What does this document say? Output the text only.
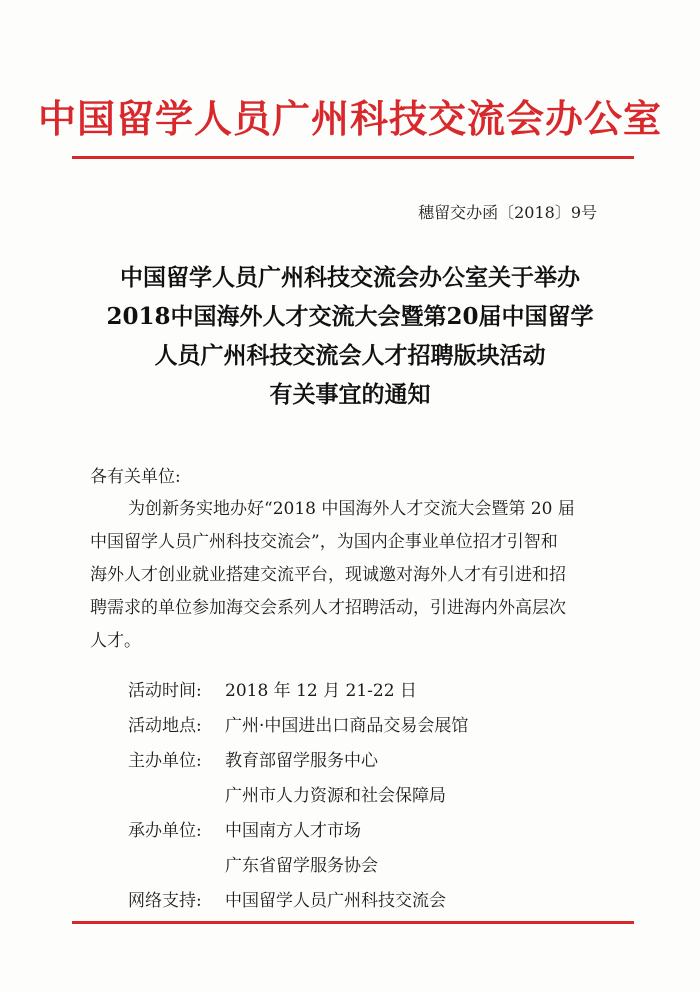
中国留学人员广州科技交流会办公室
穗留交办函〔2018〕9号
中国留学人员广州科技交流会办公室关于举办
2018中国海外人才交流大会暨第20届中国留学
人员广州科技交流会人才招聘版块活动
有关事宜的通知
各有关单位:
为创新务实地办好“2018 中国海外人才交流大会暨第 20 届
中国留学人员广州科技交流会”，为国内企事业单位招才引智和
海外人才创业就业搭建交流平台，现诚邀对海外人才有引进和招
聘需求的单位参加海交会系列人才招聘活动，引进海内外高层次
人才。
活动时间:	2018 年 12 月 21-22 日
活动地点:	广州·中国进出口商品交易会展馆
主办单位:	教育部留学服务中心
广州市人力资源和社会保障局
承办单位:	中国南方人才市场
广东省留学服务协会
网络支持:	中国留学人员广州科技交流会
